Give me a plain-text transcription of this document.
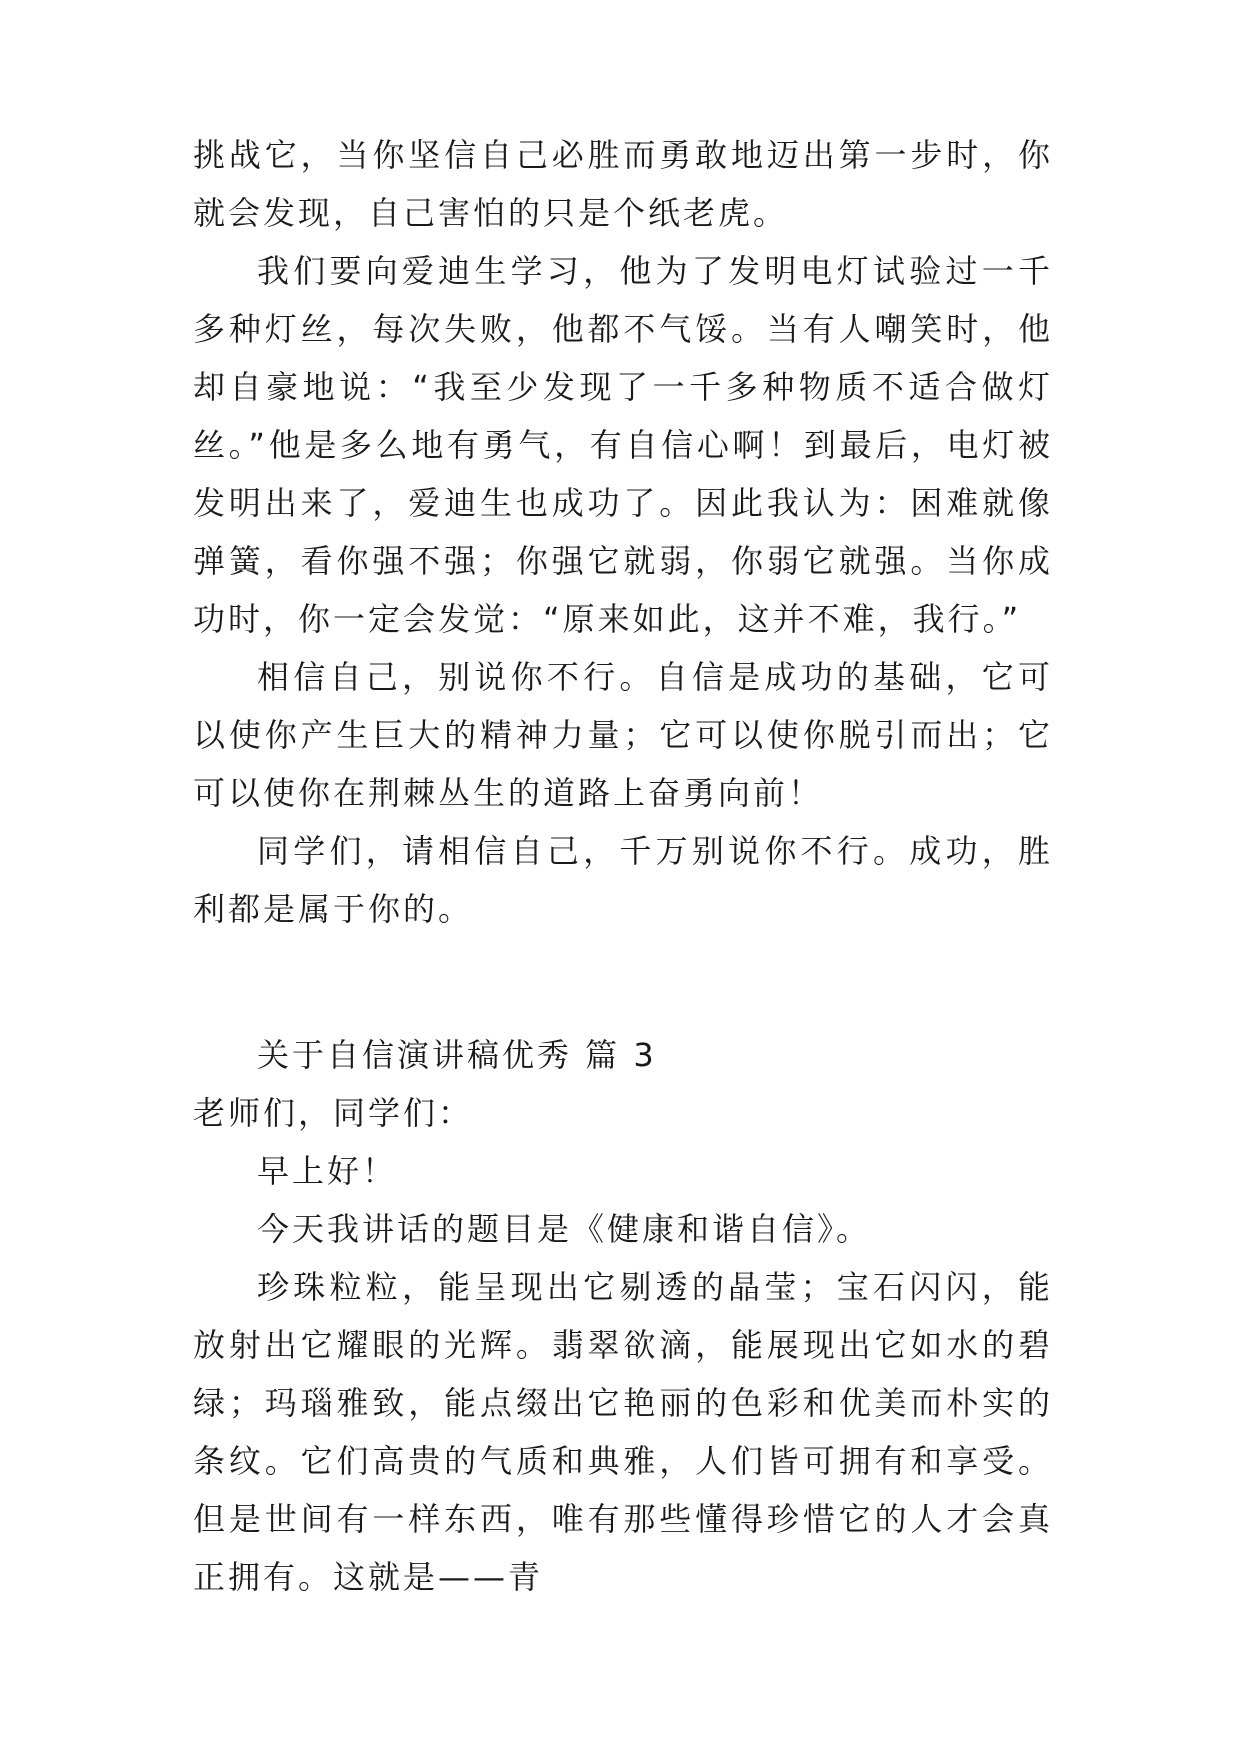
挑战它，当你坚信自己必胜而勇敢地迈出第一步时，你就会发现，自己害怕的只是个纸老虎。

我们要向爱迪生学习，他为了发明电灯试验过一千多种灯丝，每次失败，他都不气馁。当有人嘲笑时，他却自豪地说：“我至少发现了一千多种物质不适合做灯丝。”他是多么地有勇气，有自信心啊！到最后，电灯被发明出来了，爱迪生也成功了。因此我认为：困难就像弹簧，看你强不强；你强它就弱，你弱它就强。当你成功时，你一定会发觉：“原来如此，这并不难，我行。”

相信自己，别说你不行。自信是成功的基础，它可以使你产生巨大的精神力量；它可以使你脱引而出；它可以使你在荆棘丛生的道路上奋勇向前！

同学们，请相信自己，千万别说你不行。成功，胜利都是属于你的。

关于自信演讲稿优秀 篇 3

老师们，同学们：

早上好！

今天我讲话的题目是《健康和谐自信》。

珍珠粒粒，能呈现出它剔透的晶莹；宝石闪闪，能放射出它耀眼的光辉。翡翠欲滴，能展现出它如水的碧绿；玛瑙雅致，能点缀出它艳丽的色彩和优美而朴实的条纹。它们高贵的气质和典雅，人们皆可拥有和享受。但是世间有一样东西，唯有那些懂得珍惜它的人才会真正拥有。这就是——青
